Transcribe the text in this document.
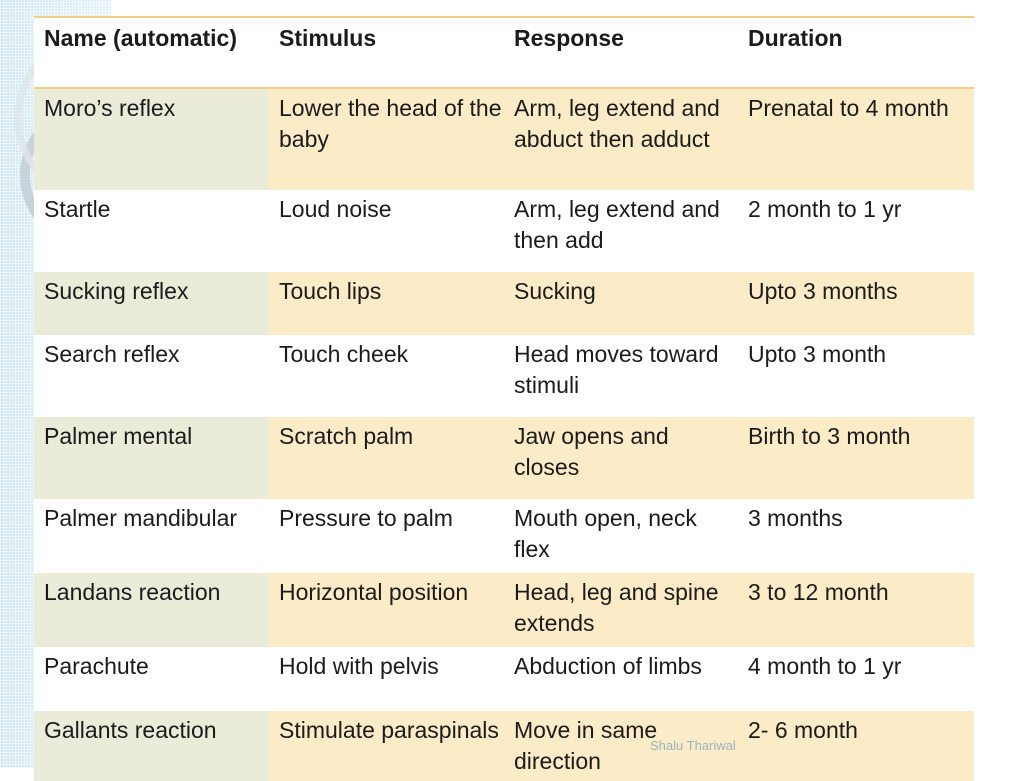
Name (automatic)	Stimulus	Response	Duration
Moro’s reflex	Lower the head of the baby	Arm, leg extend and abduct then adduct	Prenatal to 4 month
Startle	Loud noise	Arm, leg extend and then add	2 month to 1 yr
Sucking reflex	Touch lips	Sucking	Upto 3 months
Search reflex	Touch cheek	Head moves toward stimuli	Upto 3 month
Palmer mental	Scratch palm	Jaw opens and closes	Birth to 3 month
Palmer mandibular	Pressure to palm	Mouth open, neck flex	3 months
Landans reaction	Horizontal position	Head, leg and spine extends	3 to 12 month
Parachute	Hold with pelvis	Abduction of limbs	4 month to 1 yr
Gallants reaction	Stimulate paraspinals	Move in same direction	2- 6 month
Shalu Thariwal
